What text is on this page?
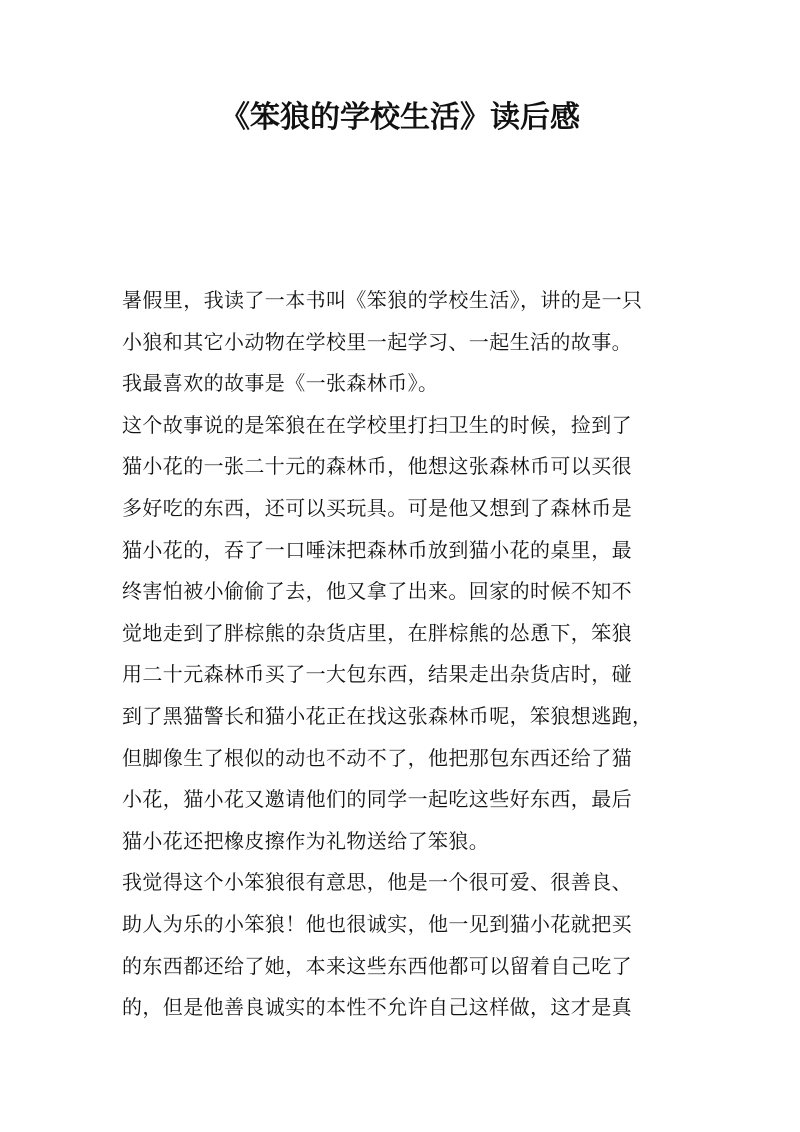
《笨狼的学校生活》读后感
暑假里，我读了一本书叫《笨狼的学校生活》，讲的是一只
小狼和其它小动物在学校里一起学习、一起生活的故事。
我最喜欢的故事是《一张森林币》。
这个故事说的是笨狼在在学校里打扫卫生的时候，捡到了
猫小花的一张二十元的森林币，他想这张森林币可以买很
多好吃的东西，还可以买玩具。可是他又想到了森林币是
猫小花的，吞了一口唾沫把森林币放到猫小花的桌里，最
终害怕被小偷偷了去，他又拿了出来。回家的时候不知不
觉地走到了胖棕熊的杂货店里，在胖棕熊的怂恿下，笨狼
用二十元森林币买了一大包东西，结果走出杂货店时，碰
到了黑猫警长和猫小花正在找这张森林币呢，笨狼想逃跑，
但脚像生了根似的动也不动不了，他把那包东西还给了猫
小花，猫小花又邀请他们的同学一起吃这些好东西，最后
猫小花还把橡皮擦作为礼物送给了笨狼。
我觉得这个小笨狼很有意思，他是一个很可爱、很善良、
助人为乐的小笨狼！他也很诚实，他一见到猫小花就把买
的东西都还给了她，本来这些东西他都可以留着自己吃了
的，但是他善良诚实的本性不允许自己这样做，这才是真
